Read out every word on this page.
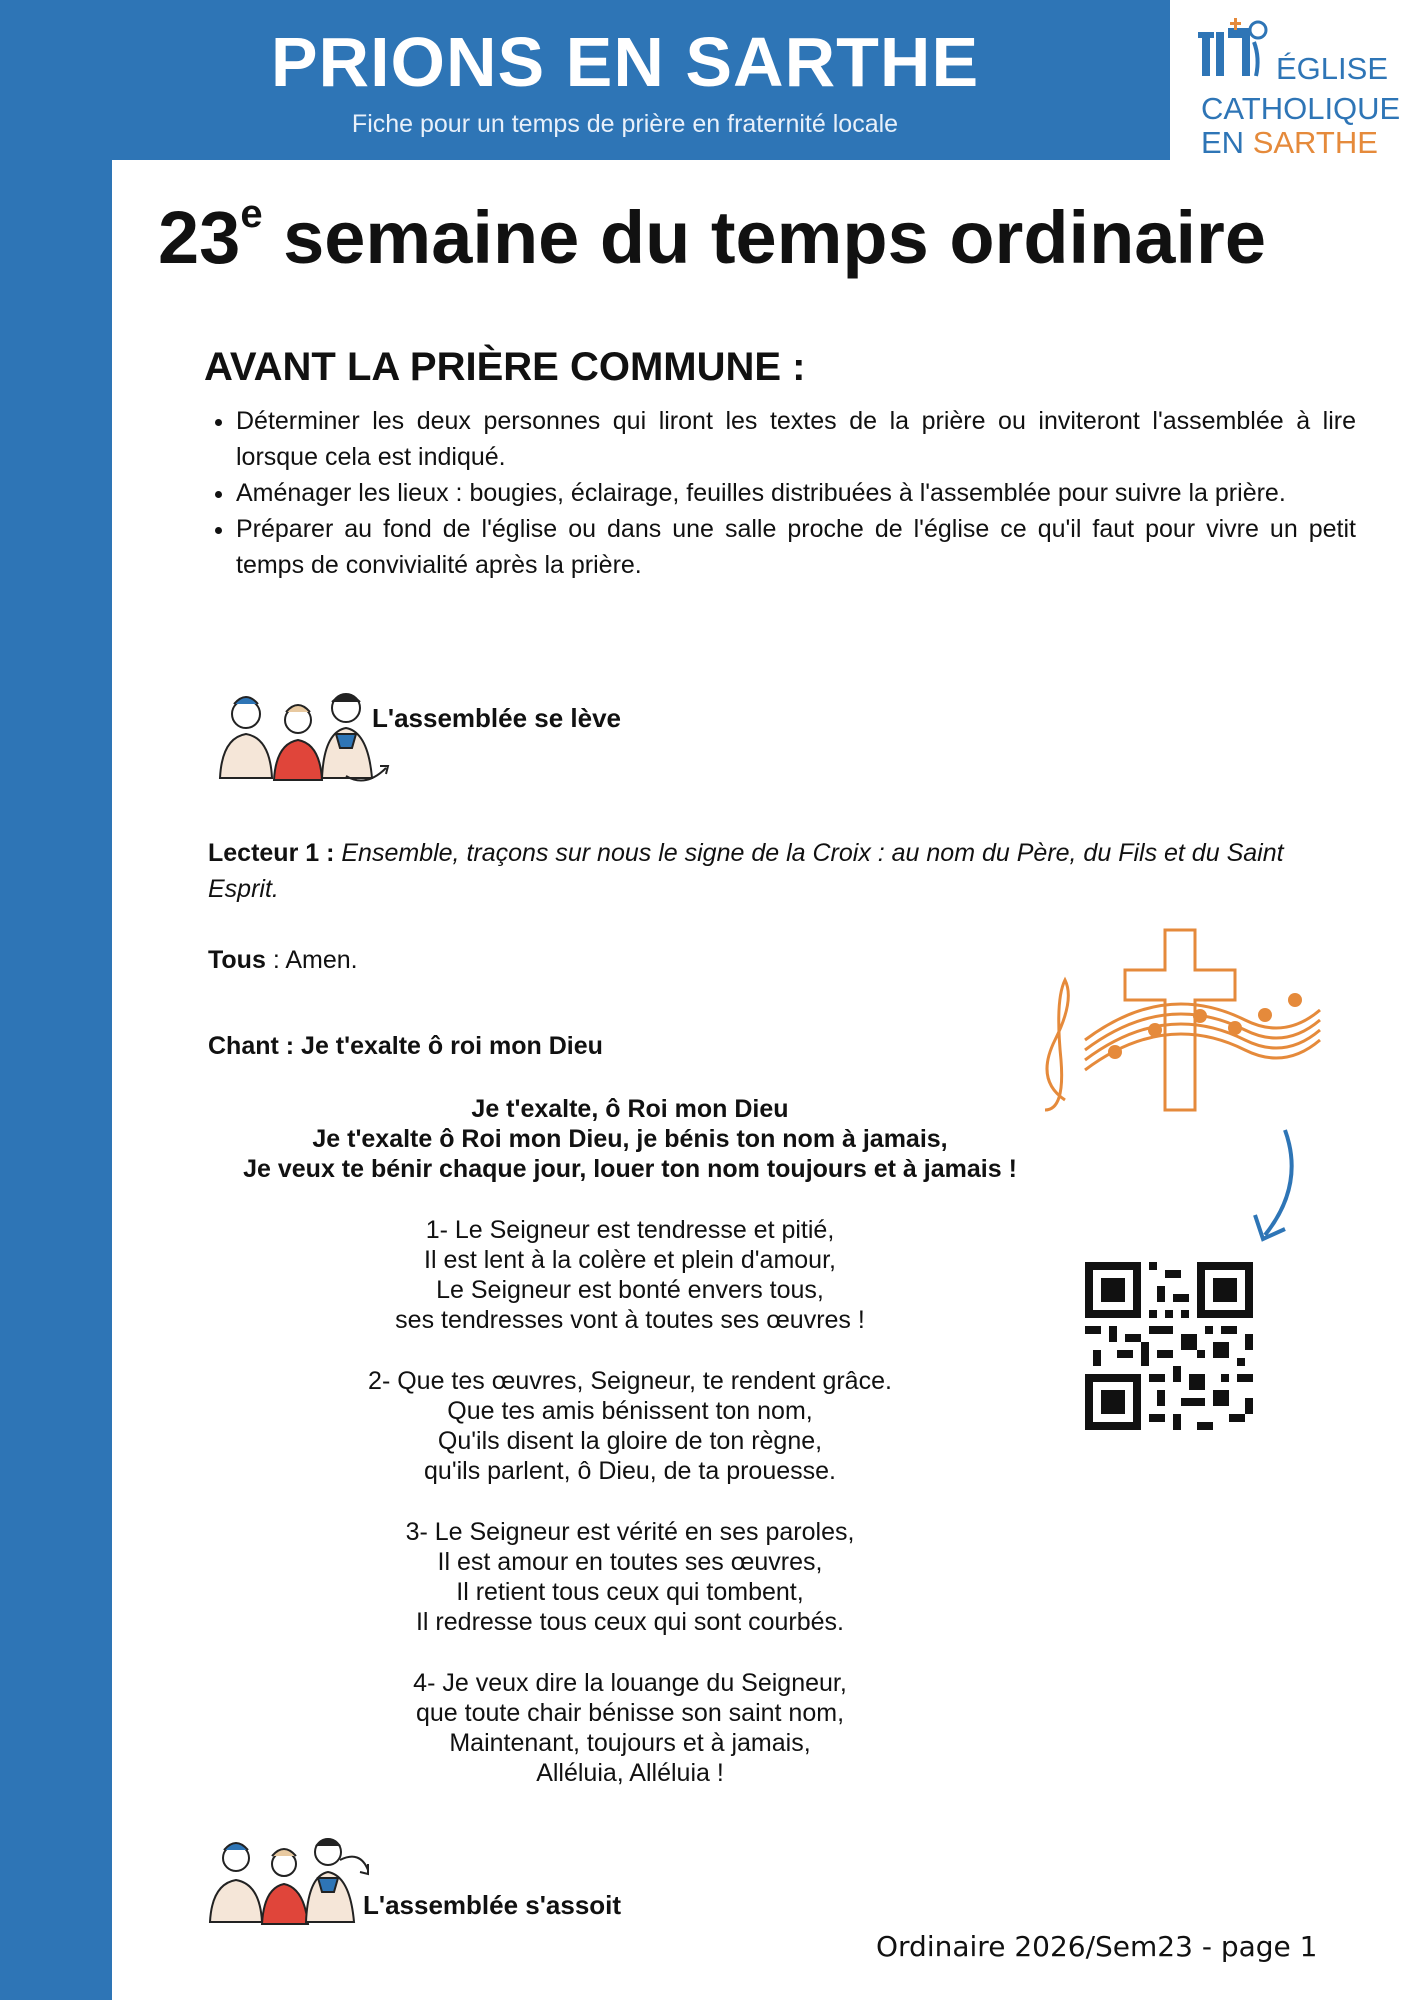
PRIONS EN SARTHE
Fiche pour un temps de prière en fraternité locale
ÉGLISE
CATHOLIQUE
EN SARTHE
23e semaine du temps ordinaire
AVANT LA PRIÈRE COMMUNE :
• Déterminer les deux personnes qui liront les textes de la prière ou inviteront l'assemblée à lire lorsque cela est indiqué.
• Aménager les lieux : bougies, éclairage, feuilles distribuées à l'assemblée pour suivre la prière.
• Préparer au fond de l'église ou dans une salle proche de l'église ce qu'il faut pour vivre un petit temps de convivialité après la prière.
L'assemblée se lève
Lecteur 1 : Ensemble, traçons sur nous le signe de la Croix : au nom du Père, du Fils et du Saint Esprit.
Tous : Amen.
Chant : Je t'exalte ô roi mon Dieu
Je t'exalte, ô Roi mon Dieu
Je t'exalte ô Roi mon Dieu, je bénis ton nom à jamais,
Je veux te bénir chaque jour, louer ton nom toujours et à jamais !
1- Le Seigneur est tendresse et pitié,
Il est lent à la colère et plein d'amour,
Le Seigneur est bonté envers tous,
ses tendresses vont à toutes ses œuvres !
2- Que tes œuvres, Seigneur, te rendent grâce.
Que tes amis bénissent ton nom,
Qu'ils disent la gloire de ton règne,
qu'ils parlent, ô Dieu, de ta prouesse.
3- Le Seigneur est vérité en ses paroles,
Il est amour en toutes ses œuvres,
Il retient tous ceux qui tombent,
Il redresse tous ceux qui sont courbés.
4- Je veux dire la louange du Seigneur,
que toute chair bénisse son saint nom,
Maintenant, toujours et à jamais,
Alléluia, Alléluia !
L'assemblée s'assoit
Ordinaire 2026/Sem23 - page 1
